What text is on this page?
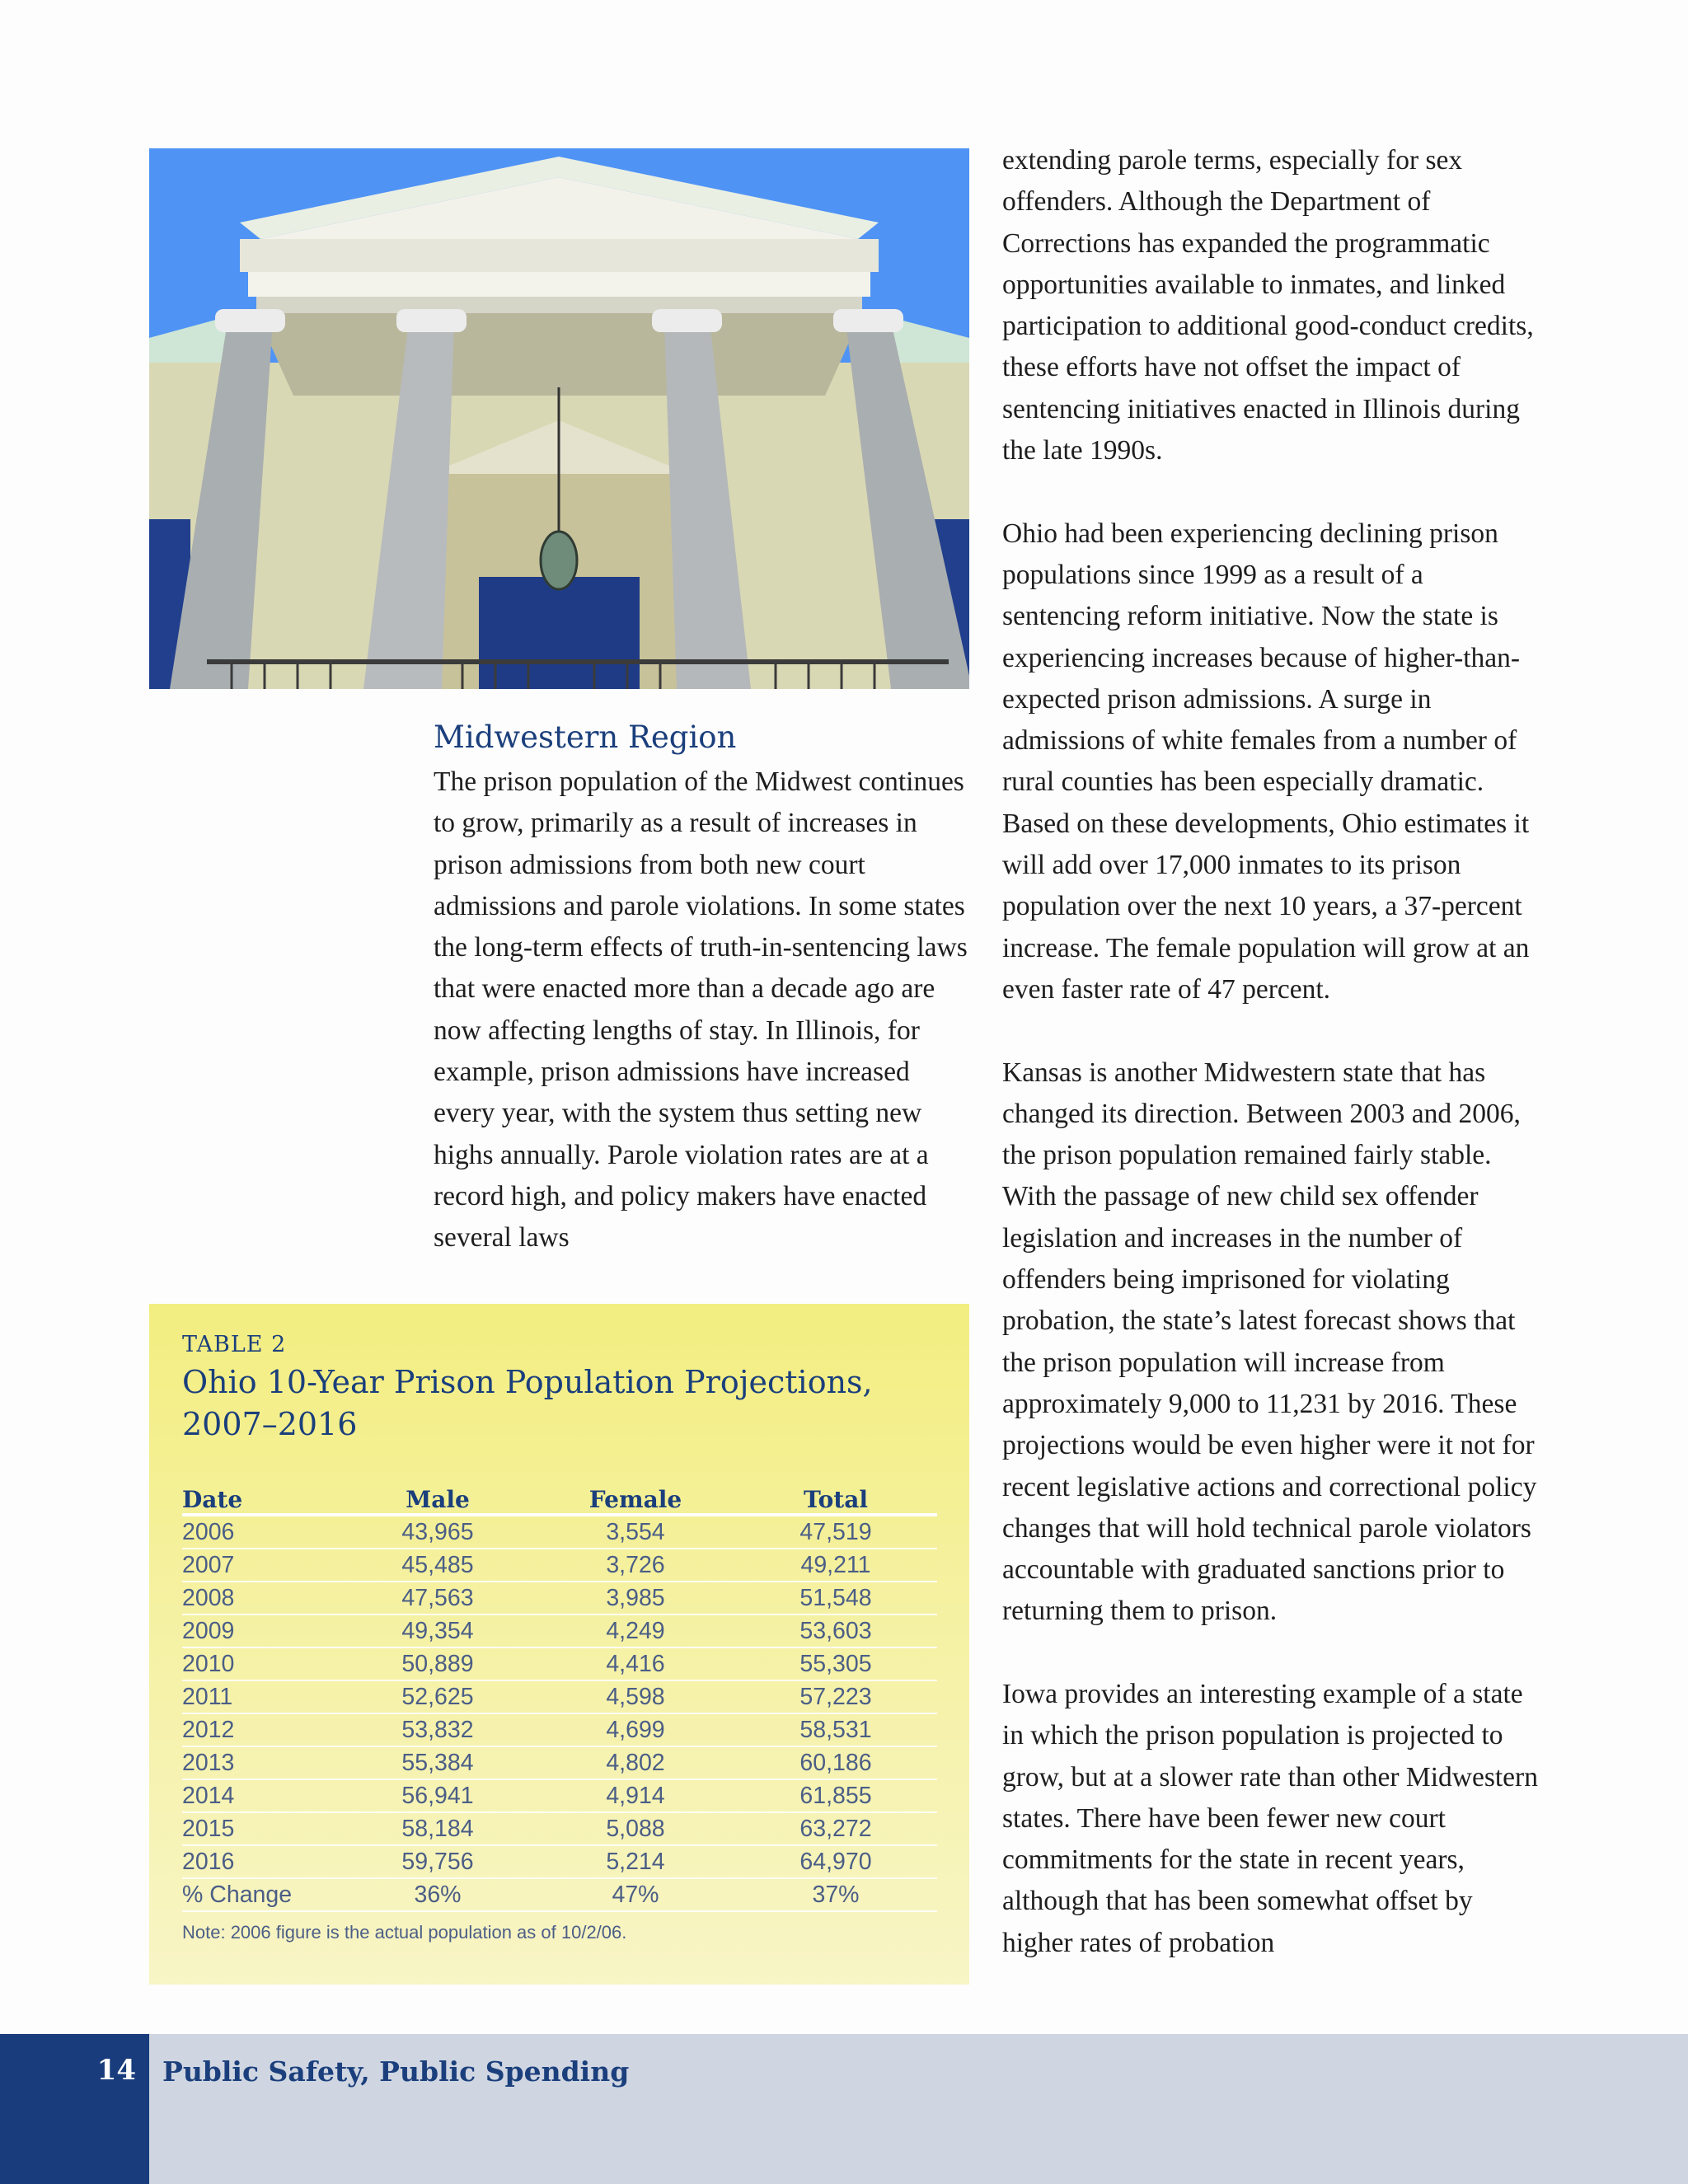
Midwestern Region

The prison population of the Midwest continues to grow, primarily as a result of increases in prison admissions from both new court admissions and parole violations. In some states the long-term effects of truth-in-sentencing laws that were enacted more than a decade ago are now affecting lengths of stay. In Illinois, for example, prison admissions have increased every year, with the system thus setting new highs annually. Parole violation rates are at a record high, and policy makers have enacted several laws

extending parole terms, especially for sex offenders. Although the Department of Corrections has expanded the programmatic opportunities available to inmates, and linked participation to additional good-conduct credits, these efforts have not offset the impact of sentencing initiatives enacted in Illinois during the late 1990s.

Ohio had been experiencing declining prison populations since 1999 as a result of a sentencing reform initiative. Now the state is experiencing increases because of higher-than-expected prison admissions. A surge in admissions of white females from a number of rural counties has been especially dramatic. Based on these developments, Ohio estimates it will add over 17,000 inmates to its prison population over the next 10 years, a 37-percent increase. The female population will grow at an even faster rate of 47 percent.

Kansas is another Midwestern state that has changed its direction. Between 2003 and 2006, the prison population remained fairly stable. With the passage of new child sex offender legislation and increases in the number of offenders being imprisoned for violating probation, the state’s latest forecast shows that the prison population will increase from approximately 9,000 to 11,231 by 2016. These projections would be even higher were it not for recent legislative actions and correctional policy changes that will hold technical parole violators accountable with graduated sanctions prior to returning them to prison.

Iowa provides an interesting example of a state in which the prison population is projected to grow, but at a slower rate than other Midwestern states. There have been fewer new court commitments for the state in recent years, although that has been somewhat offset by higher rates of probation

TABLE 2

Ohio 10-Year Prison Population Projections, 2007–2016

Date	Male	Female	Total
2006	43,965	3,554	47,519
2007	45,485	3,726	49,211
2008	47,563	3,985	51,548
2009	49,354	4,249	53,603
2010	50,889	4,416	55,305
2011	52,625	4,598	57,223
2012	53,832	4,699	58,531
2013	55,384	4,802	60,186
2014	56,941	4,914	61,855
2015	58,184	5,088	63,272
2016	59,756	5,214	64,970
% Change	36%	47%	37%

Note: 2006 figure is the actual population as of 10/2/06.

14 Public Safety, Public Spending
